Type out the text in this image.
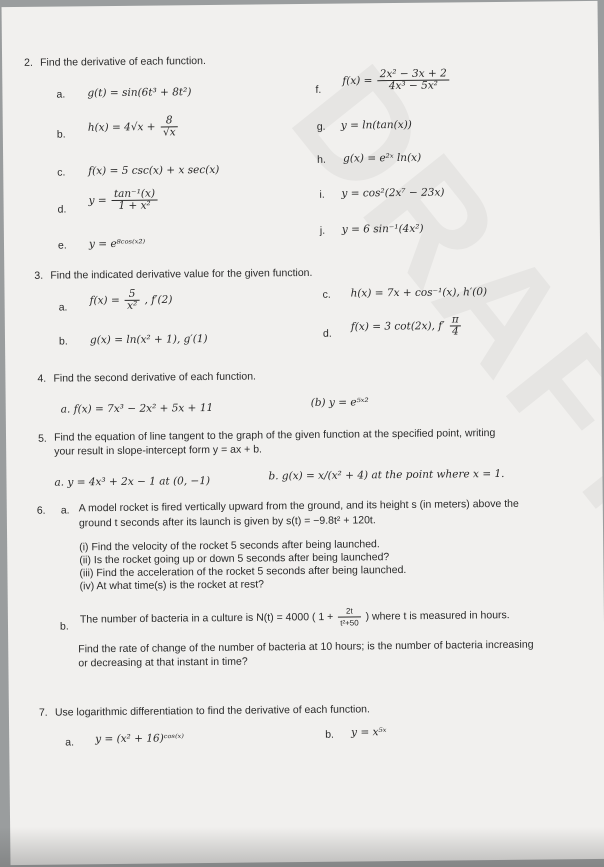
2. Find the derivative of each function.
a. g(t) = sin(6t³ + 8t²)
b.
$h(x) = 4√x + \frac{8}{√x}$
c. f(x) = 5 csc(x) + x sec(x)
d.
$y = \frac{\text{tan⁻¹(x)}}{\text{1 + x²}}$
e. y = e⁸ᶜᵒˢ⁽ˣ²⁾
f.
$f(x) = \frac{\text{2x² − 3x + 2}}{\text{4x³ − 5x²}}$
g. y = ln(tan(x))
h. g(x) = e²ˣ ln(x)
i. y = cos²(2x⁷ − 23x)
j. y = 6 sin⁻¹(4x²)
3. Find the indicated derivative value for the given function.
a.
$f(x) = \frac{5}{\text{x²}}$ , f′(2)
b. g(x) = ln(x² + 1), g′(1)
c. h(x) = 7x + cos⁻¹(x), h′(0)
d.
f(x) = 3 cot(2x), $f' \frac{\pi}{4}$
4. Find the second derivative of each function.
a. f(x) = 7x³ − 2x² + 5x + 11	(b) y = e⁵ˣ²
5. Find the equation of line tangent to the graph of the given function at the specified point, writing
your result in slope-intercept form y = ax + b.
a. y = 4x³ + 2x − 1 at (0, −1)	b. g(x) = x/(x² + 4) at the point where x = 1.
6. a. A model rocket is fired vertically upward from the ground, and its height s (in meters) above the
ground t seconds after its launch is given by s(t) = −9.8t² + 120t.
(i) Find the velocity of the rocket 5 seconds after being launched.
(ii) Is the rocket going up or down 5 seconds after being launched?
(iii) Find the acceleration of the rocket 5 seconds after being launched.
(iv) At what time(s) is the rocket at rest?
b.
The number of bacteria in a culture is N(t) = 4000 ( $1 + \frac{2t}{\text{t²+50}}$ ) where t is measured in hours.
Find the rate of change of the number of bacteria at 10 hours; is the number of bacteria increasing
or decreasing at that instant in time?
7. Use logarithmic differentiation to find the derivative of each function.
a. y = (x² + 16)ᶜᵒˢ⁽ˣ⁾	b. y = x⁵ˣ
